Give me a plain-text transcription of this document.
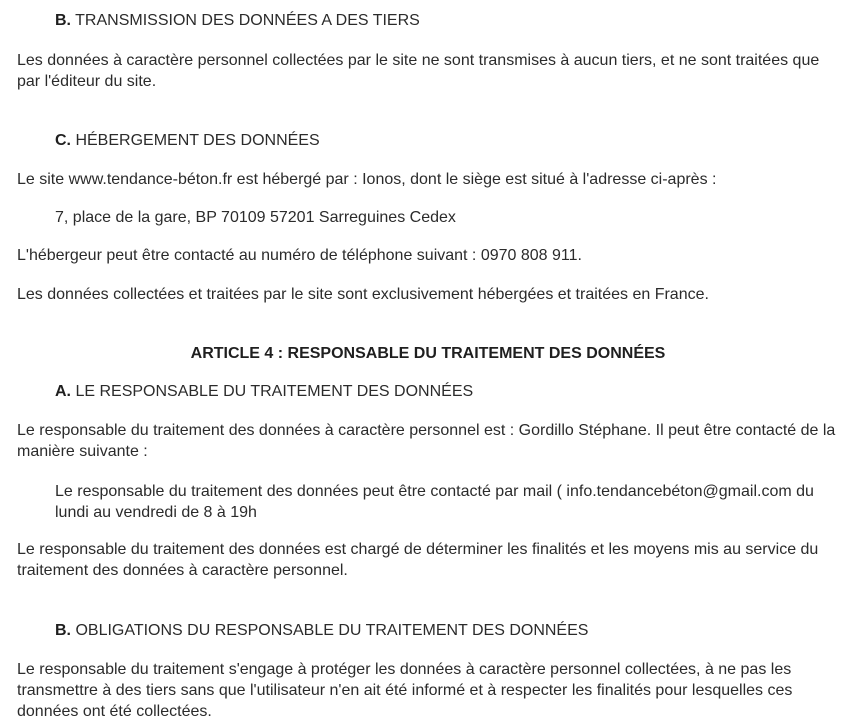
B. TRANSMISSION DES DONNÉES A DES TIERS

Les données à caractère personnel collectées par le site ne sont transmises à aucun tiers, et ne sont traitées que par l'éditeur du site.

C. HÉBERGEMENT DES DONNÉES

Le site www.tendance-béton.fr est hébergé par : Ionos, dont le siège est situé à l'adresse ci-après :

7, place de la gare, BP 70109 57201 Sarreguines Cedex

L'hébergeur peut être contacté au numéro de téléphone suivant : 0970 808 911.

Les données collectées et traitées par le site sont exclusivement hébergées et traitées en France.

ARTICLE 4 : RESPONSABLE DU TRAITEMENT DES DONNÉES
A. LE RESPONSABLE DU TRAITEMENT DES DONNÉES

Le responsable du traitement des données à caractère personnel est : Gordillo Stéphane. Il peut être contacté de la manière suivante :

Le responsable du traitement des données peut être contacté par mail ( info.tendancebéton@gmail.com du lundi au vendredi de 8 à 19h

Le responsable du traitement des données est chargé de déterminer les finalités et les moyens mis au service du traitement des données à caractère personnel.

B. OBLIGATIONS DU RESPONSABLE DU TRAITEMENT DES DONNÉES

Le responsable du traitement s'engage à protéger les données à caractère personnel collectées, à ne pas les transmettre à des tiers sans que l'utilisateur n'en ait été informé et à respecter les finalités pour lesquelles ces données ont été collectées.
